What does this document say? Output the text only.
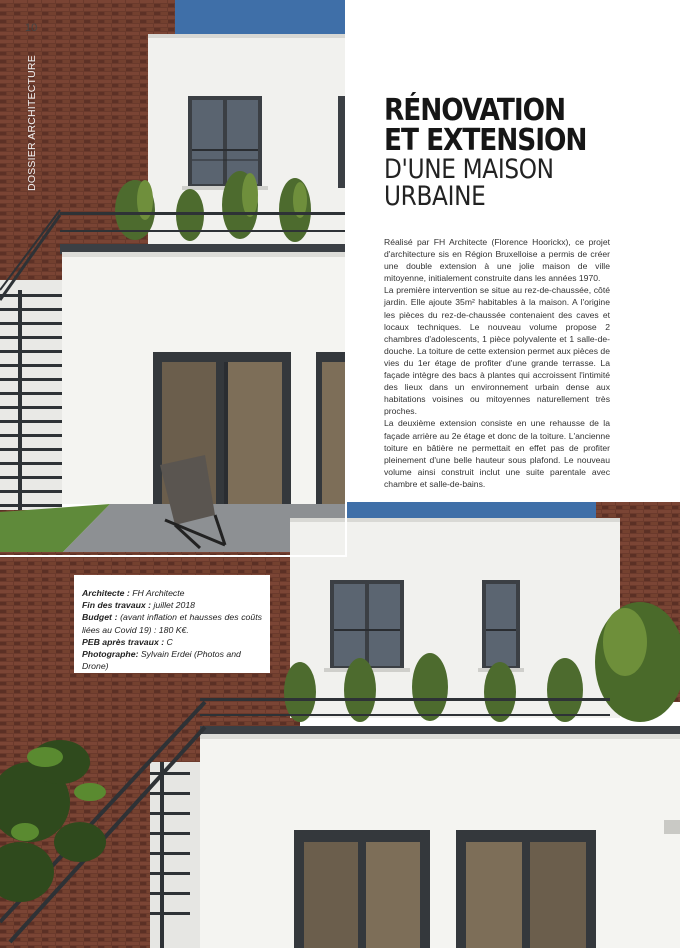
10
DOSSIER ARCHITECTURE	RÉNOVATION
ET EXTENSION
D'UNE MAISON
URBAINE

Réalisé par FH Architecte (Florence Hoorickx), ce projet d'architecture sis en Région Bruxelloise a permis de créer une double extension à une jolie maison de ville mitoyenne, initialement construite dans les années 1970.

La première intervention se situe au rez-de-chaussée, côté jardin. Elle ajoute 35m² habitables à la maison. A l'origine les pièces du rez-de-chaussée contenaient des caves et locaux techniques. Le nouveau volume propose 2 chambres d'adolescents, 1 pièce polyvalente et 1 salle-de-douche. La toiture de cette extension permet aux pièces de vies du 1er étage de profiter d'une grande terrasse. La façade intègre des bacs à plantes qui accroissent l'intimité des lieux dans un environnement urbain dense aux habitations voisines ou mitoyennes naturellement très proches.

La deuxième extension consiste en une rehausse de la façade arrière au 2e étage et donc de la toiture. L'ancienne toiture en bâtière ne permettait en effet pas de profiter pleinement d'une belle hauteur sous plafond. Le nouveau volume ainsi construit inclut une suite parentale avec chambre et salle-de-bains.

Architecte : FH Architecte
Fin des travaux : juillet 2018
Budget : (avant inflation et hausses des coûts liées au Covid 19) : 180 K€.
PEB après travaux : C
Photographe: Sylvain Erdei (Photos and Drone)
